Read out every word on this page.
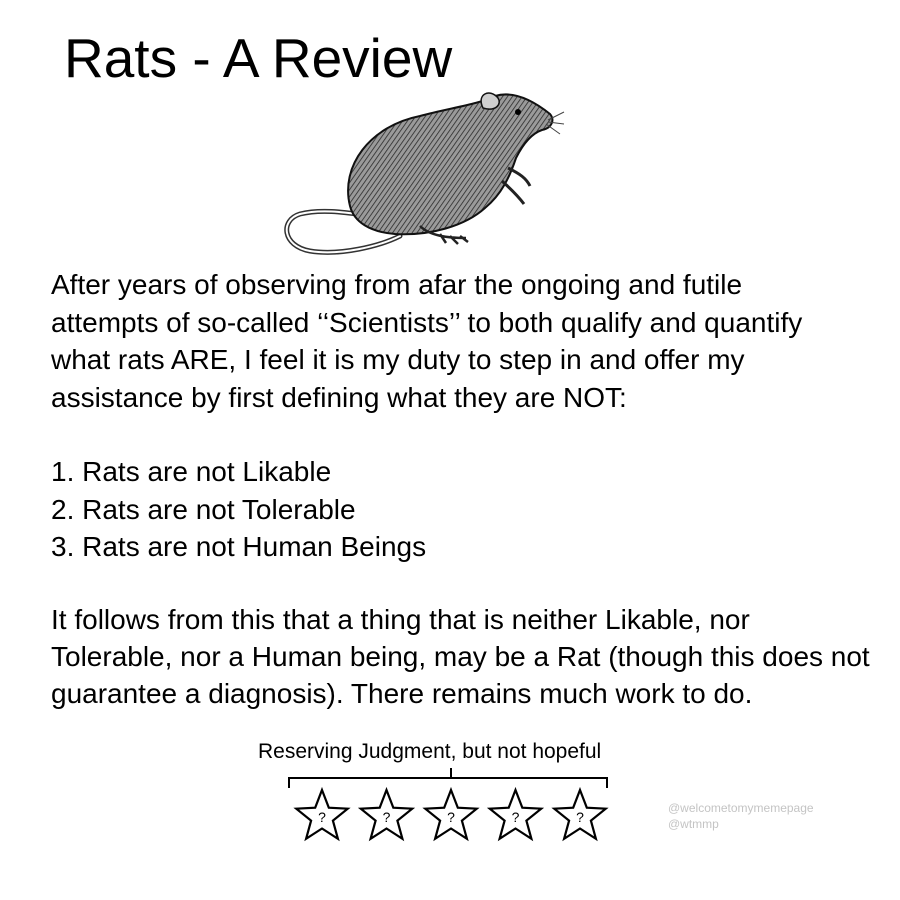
Rats - A Review
After years of observing from afar the ongoing and futile attempts of so-called ‘‘Scientists’’ to both qualify and quantify what rats ARE, I feel it is my duty to step in and offer my assistance by first defining what they are NOT:
1. Rats are not Likable
2. Rats are not Tolerable
3. Rats are not Human Beings
It follows from this that a thing that is neither Likable, nor Tolerable, nor a Human being, may be a Rat (though this does not guarantee a diagnosis). There remains much work to do.
Reserving Judgment, but not hopeful
?	?	?	?	?
@welcometomymemepage
@wtmmp
